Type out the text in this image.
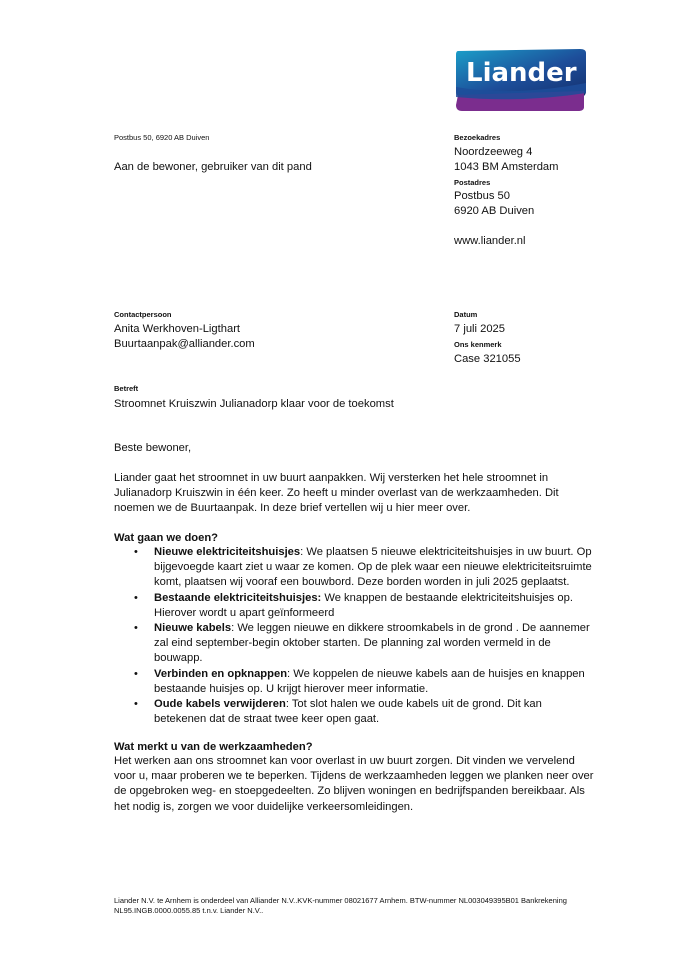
Liander
Postbus 50, 6920 AB Duiven
Aan de bewoner, gebruiker van dit pand
Bezoekadres
Noordzeeweg 4
1043 BM Amsterdam
Postadres
Postbus 50
6920 AB Duiven
www.liander.nl
Contactpersoon
Anita Werkhoven-Ligthart
Buurtaanpak@alliander.com
Datum
7 juli 2025
Ons kenmerk
Case 321055
Betreft
Stroomnet Kruiszwin Julianadorp klaar voor de toekomst
Beste bewoner,
Liander gaat het stroomnet in uw buurt aanpakken. Wij versterken het hele stroomnet in
Julianadorp Kruiszwin in één keer. Zo heeft u minder overlast van de werkzaamheden. Dit
noemen we de Buurtaanpak. In deze brief vertellen wij u hier meer over.
Wat gaan we doen?
• Nieuwe elektriciteitshuisjes: We plaatsen 5 nieuwe elektriciteitshuisjes in uw buurt. Op
bijgevoegde kaart ziet u waar ze komen. Op de plek waar een nieuwe elektriciteitsruimte
komt, plaatsen wij vooraf een bouwbord. Deze borden worden in juli 2025 geplaatst.
• Bestaande elektriciteitshuisjes: We knappen de bestaande elektriciteitshuisjes op.
Hierover wordt u apart geïnformeerd
• Nieuwe kabels: We leggen nieuwe en dikkere stroomkabels in de grond . De aannemer
zal eind september-begin oktober starten. De planning zal worden vermeld in de
bouwapp.
• Verbinden en opknappen: We koppelen de nieuwe kabels aan de huisjes en knappen
bestaande huisjes op. U krijgt hierover meer informatie.
• Oude kabels verwijderen: Tot slot halen we oude kabels uit de grond. Dit kan
betekenen dat de straat twee keer open gaat.
Wat merkt u van de werkzaamheden?
Het werken aan ons stroomnet kan voor overlast in uw buurt zorgen. Dit vinden we vervelend
voor u, maar proberen we te beperken. Tijdens de werkzaamheden leggen we planken neer over
de opgebroken weg- en stoepgedeelten. Zo blijven woningen en bedrijfspanden bereikbaar. Als
het nodig is, zorgen we voor duidelijke verkeersomleidingen.
Liander N.V. te Arnhem is onderdeel van Alliander N.V..KVK-nummer 08021677 Arnhem. BTW-nummer NL003049395B01 Bankrekening
NL95.INGB.0000.0055.85 t.n.v. Liander N.V..
